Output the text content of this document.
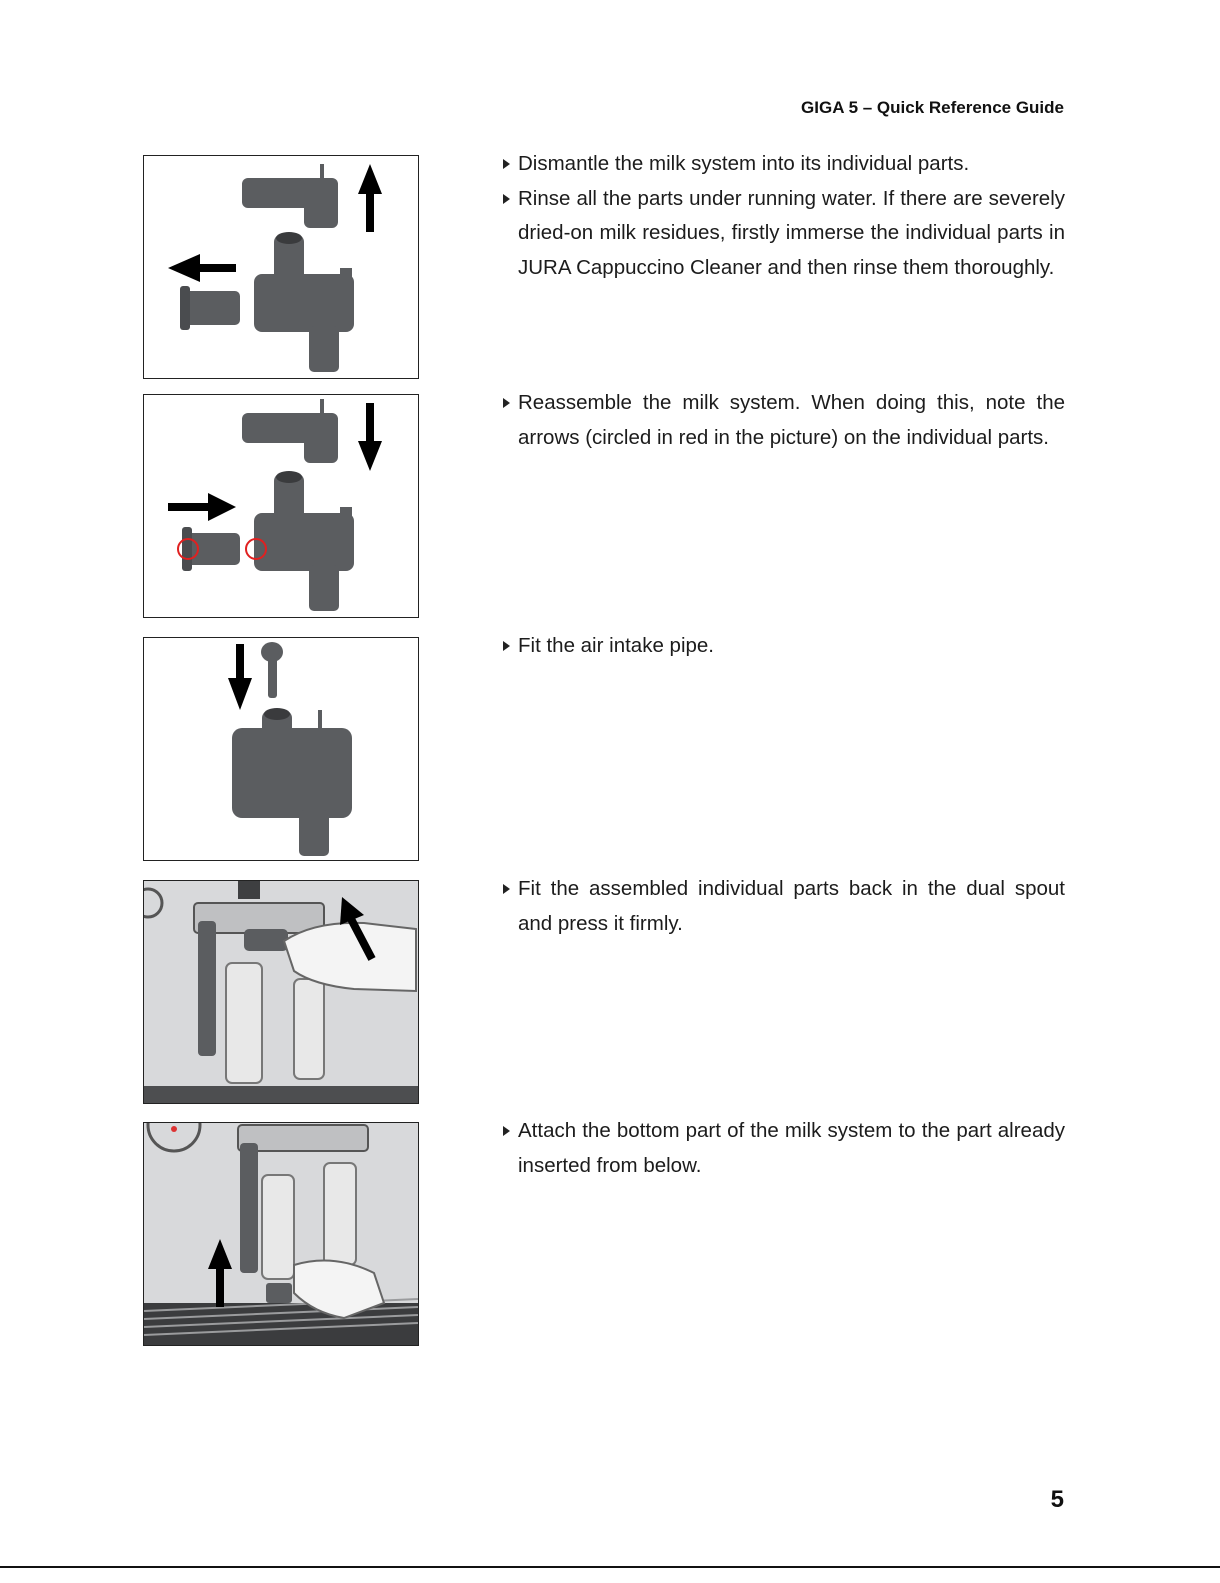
GIGA 5 – Quick Reference Guide

Dismantle the milk system into its individual parts.

Rinse all the parts under running water. If there are severely dried-on milk residues, firstly immerse the individual parts in JURA Cappuccino Cleaner and then rinse them thoroughly.

Reassemble the milk system. When doing this, note the arrows (circled in red in the picture) on the individual parts.

Fit the air intake pipe.

Fit the assembled individual parts back in the dual spout and press it firmly.

Attach the bottom part of the milk system to the part already inserted from below.

5
